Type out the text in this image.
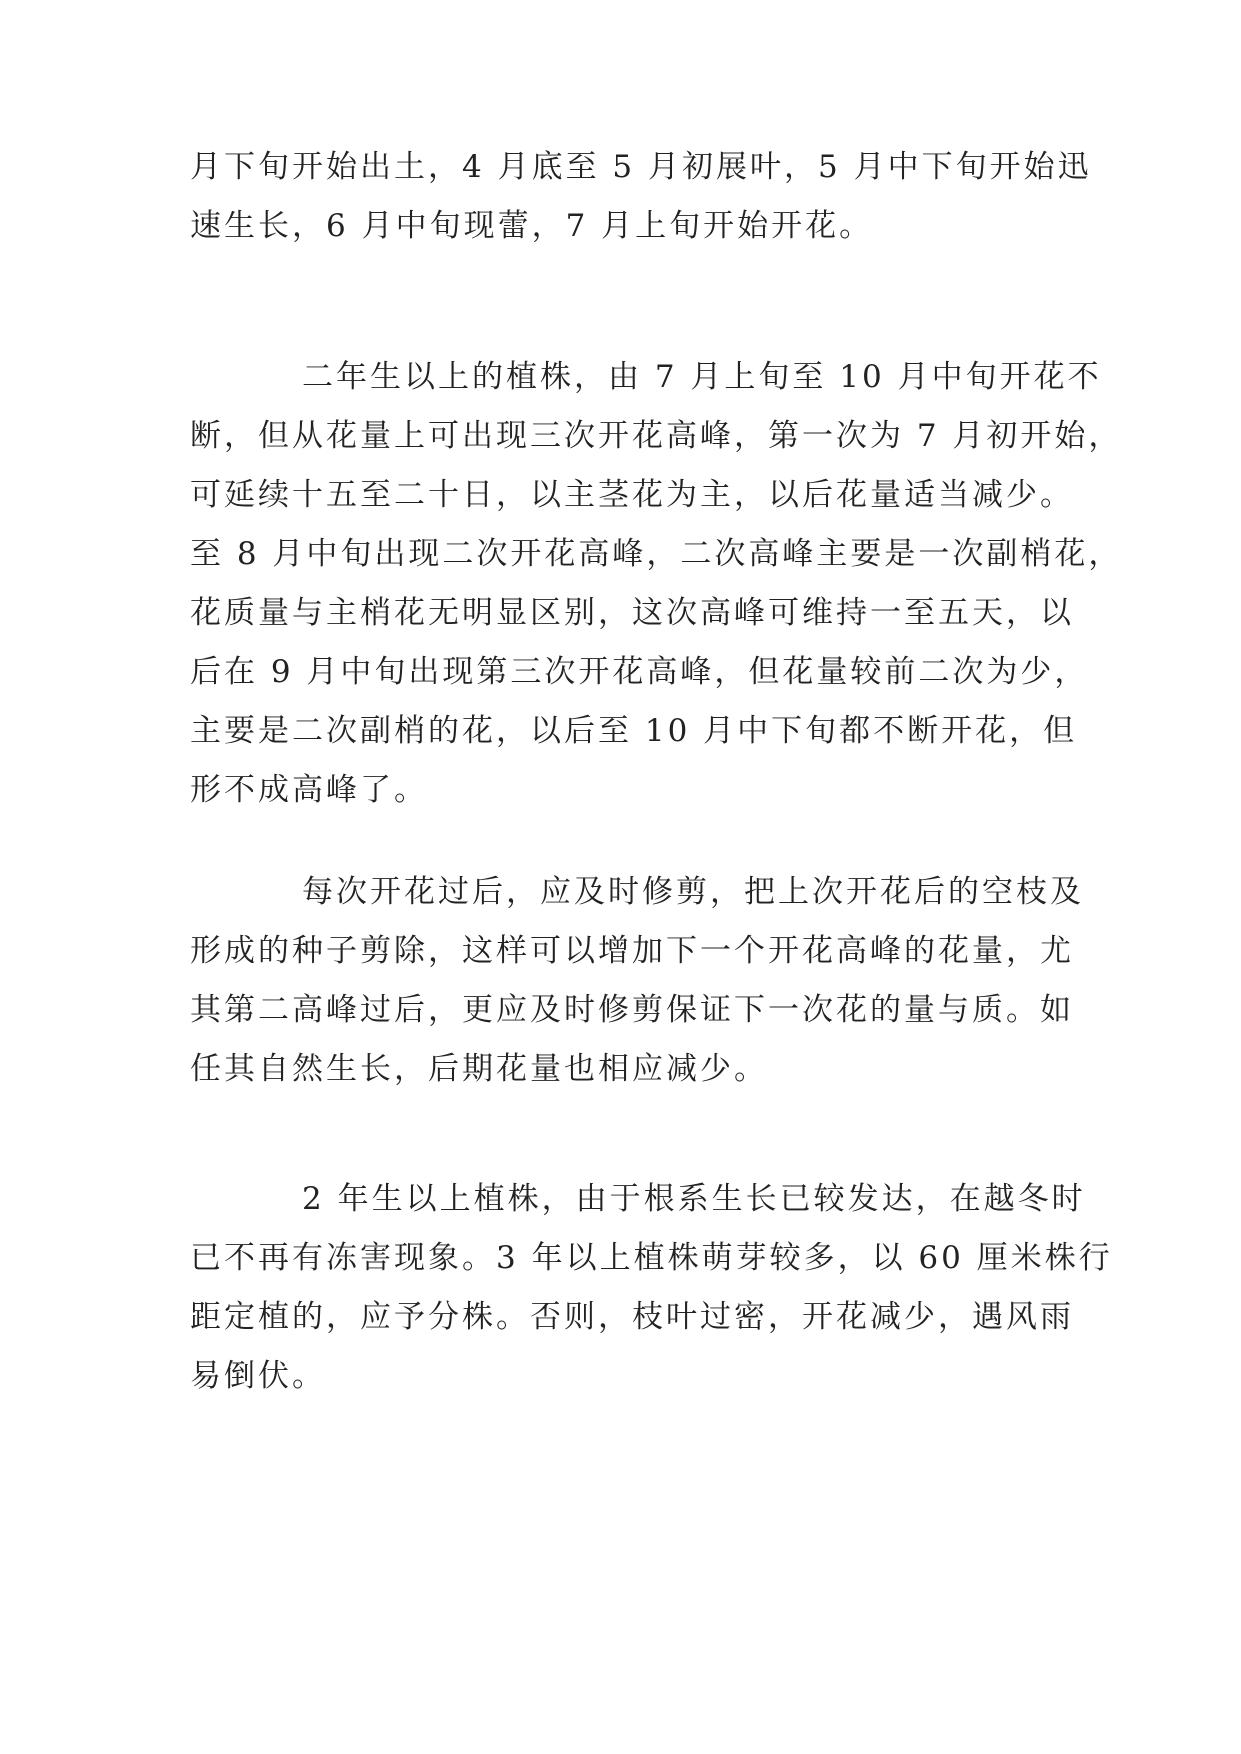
月下旬开始出土，4 月底至 5 月初展叶，5 月中下旬开始迅
速生长，6 月中旬现蕾，7 月上旬开始开花。
二年生以上的植株，由 7 月上旬至 10 月中旬开花不
断，但从花量上可出现三次开花高峰，第一次为 7 月初开始，
可延续十五至二十日，以主茎花为主，以后花量适当减少。
至 8 月中旬出现二次开花高峰，二次高峰主要是一次副梢花，
花质量与主梢花无明显区别，这次高峰可维持一至五天，以
后在 9 月中旬出现第三次开花高峰，但花量较前二次为少，
主要是二次副梢的花，以后至 10 月中下旬都不断开花，但
形不成高峰了。
每次开花过后，应及时修剪，把上次开花后的空枝及
形成的种子剪除，这样可以增加下一个开花高峰的花量，尤
其第二高峰过后，更应及时修剪保证下一次花的量与质。如
任其自然生长，后期花量也相应减少。
2 年生以上植株，由于根系生长已较发达，在越冬时
已不再有冻害现象。3 年以上植株萌芽较多，以 60 厘米株行
距定植的，应予分株。否则，枝叶过密，开花减少，遇风雨
易倒伏。
